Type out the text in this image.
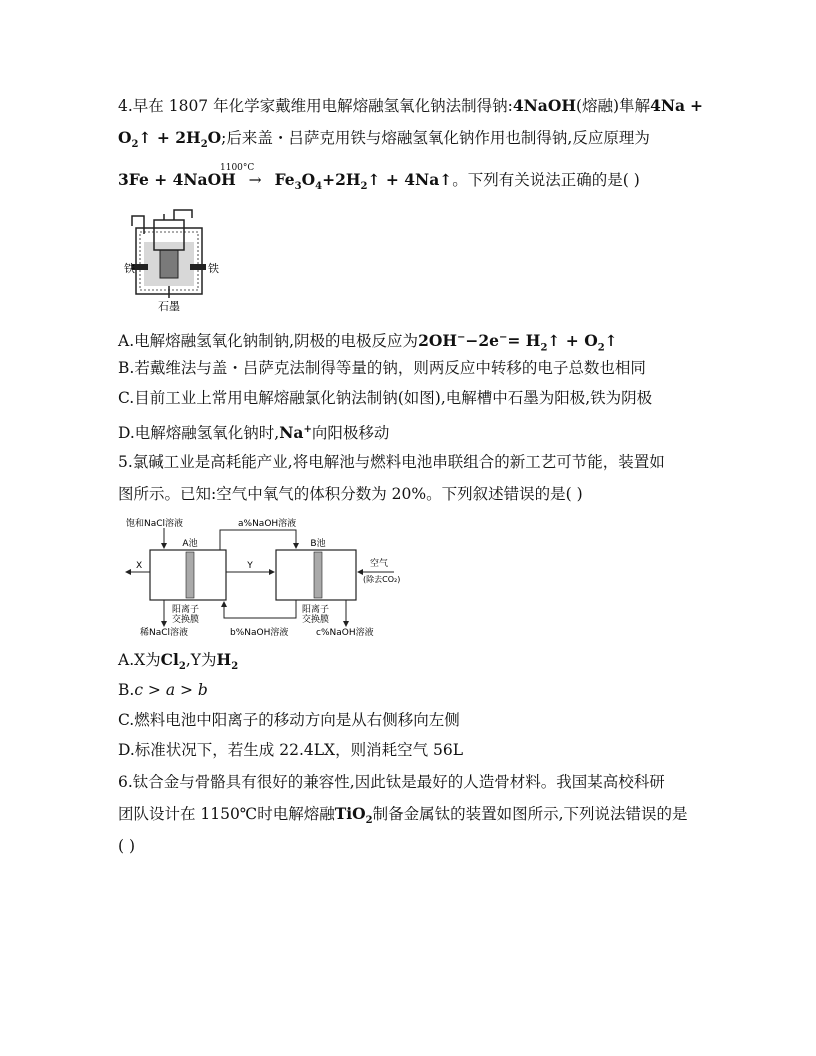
4.早在 1807 年化学家戴维用电解熔融氢氧化钠法制得钠:4NaOH(熔融)隼解4Na +
$O_2↑ + 2H_2O$;后来盖・吕萨克用铁与熔融氢氧化钠作用也制得钠,反应原理为
1100°C
3Fe + 4NaOH → $Fe_3O_4+2H_2↑$ + 4Na↑。下列有关说法正确的是( )
铁	铁
石墨
A.电解熔融氢氧化钠制钠,阴极的电极反应为$2OH^--2e^-= H_2↑$ + $O_2↑$
B.若戴维法与盖・吕萨克法制得等量的钠，则两反应中转移的电子总数也相同
C.目前工业上常用电解熔融氯化钠法制钠(如图),电解槽中石墨为阳极,铁为阴极
D.电解熔融氢氧化钠时,Na+向阳极移动
5.氯碱工业是高耗能产业,将电解池与燃料电池串联组合的新工艺可节能，装置如
图所示。已知:空气中氧气的体积分数为 20%。下列叙述错误的是( )
饱和NaCl溶液	a%NaOH溶液
A池	B池
X	Y	空气
(除去CO₂)
阳离子
交换膜
阳离子
交换膜
稀NaCl溶液	b%NaOH溶液	c%NaOH溶液
A.X为$Cl_2,Y$为$H_2$
B.c > a > b
C.燃料电池中阳离子的移动方向是从右侧移向左侧
D.标准状况下，若生成 22.4LX，则消耗空气 56L
6.钛合金与骨骼具有很好的兼容性,因此钛是最好的人造骨材料。我国某高校科研
团队设计在 1150℃时电解熔融TiO$_2$制备金属钛的装置如图所示,下列说法错误的是
( )
